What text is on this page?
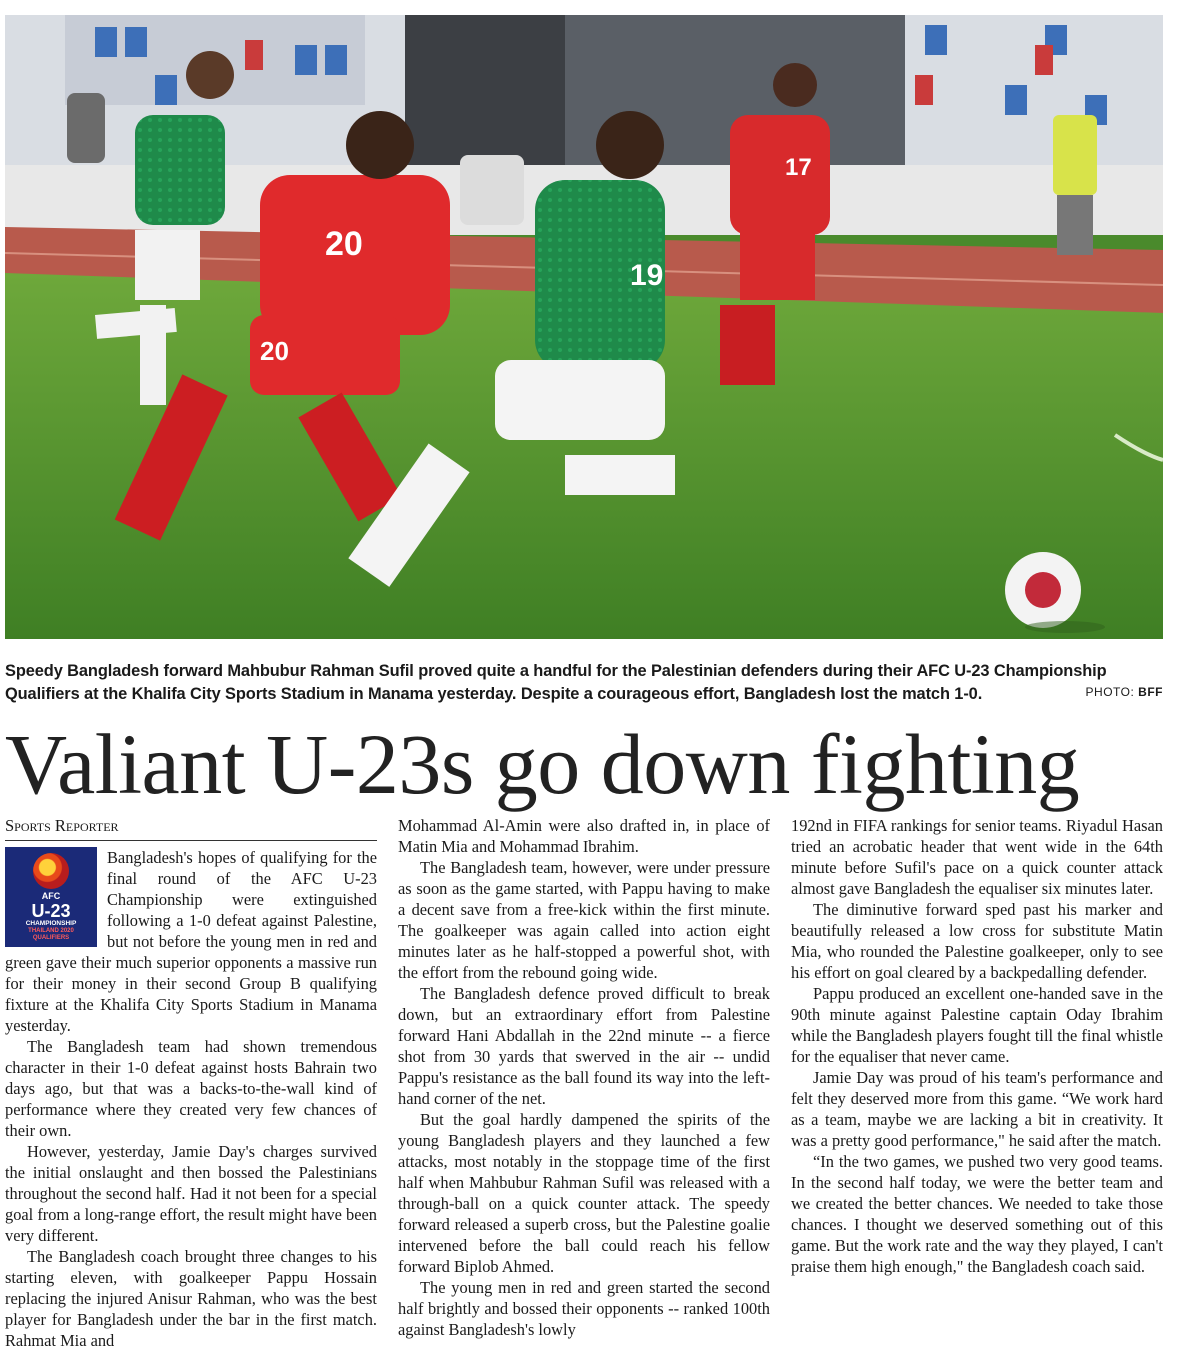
17
20
20
19
Speedy Bangladesh forward Mahbubur Rahman Sufil proved quite a handful for the Palestinian defenders during their AFC U-23 Championship Qualifiers at the Khalifa City Sports Stadium in Manama yesterday. Despite a courageous effort, Bangladesh lost the match 1-0.	PHOTO: BFF
Valiant U-23s go down fighting
Sports Reporter
AFC
U-23
CHAMPIONSHIP
THAILAND 2020
QUALIFIERS

Bangladesh's hopes of qualifying for the final round of the AFC U-23 Championship were extinguished following a 1-0 defeat against Palestine, but not before the young men in red and green gave their much superior opponents a massive run for their money in their second Group B qualifying fixture at the Khalifa City Sports Stadium in Manama yesterday.

The Bangladesh team had shown tremendous character in their 1-0 defeat against hosts Bahrain two days ago, but that was a backs-to-the-wall kind of performance where they created very few chances of their own.

However, yesterday, Jamie Day's charges survived the initial onslaught and then bossed the Palestinians throughout the second half. Had it not been for a special goal from a long-range effort, the result might have been very different.

The Bangladesh coach brought three changes to his starting eleven, with goalkeeper Pappu Hossain replacing the injured Anisur Rahman, who was the best player for Bangladesh under the bar in the first match. Rahmat Mia and

Mohammad Al-Amin were also drafted in, in place of Matin Mia and Mohammad Ibrahim.

The Bangladesh team, however, were under pressure as soon as the game started, with Pappu having to make a decent save from a free-kick within the first minute. The goalkeeper was again called into action eight minutes later as he half-stopped a powerful shot, with the effort from the rebound going wide.

The Bangladesh defence proved difficult to break down, but an extraordinary effort from Palestine forward Hani Abdallah in the 22nd minute -- a fierce shot from 30 yards that swerved in the air -- undid Pappu's resistance as the ball found its way into the left-hand corner of the net.

But the goal hardly dampened the spirits of the young Bangladesh players and they launched a few attacks, most notably in the stoppage time of the first half when Mahbubur Rahman Sufil was released with a through-ball on a quick counter attack. The speedy forward released a superb cross, but the Palestine goalie intervened before the ball could reach his fellow forward Biplob Ahmed.

The young men in red and green started the second half brightly and bossed their opponents -- ranked 100th against Bangladesh's lowly

192nd in FIFA rankings for senior teams. Riyadul Hasan tried an acrobatic header that went wide in the 64th minute before Sufil's pace on a quick counter attack almost gave Bangladesh the equaliser six minutes later.

The diminutive forward sped past his marker and beautifully released a low cross for substitute Matin Mia, who rounded the Palestine goalkeeper, only to see his effort on goal cleared by a backpedalling defender.

Pappu produced an excellent one-handed save in the 90th minute against Palestine captain Oday Ibrahim while the Bangladesh players fought till the final whistle for the equaliser that never came.

Jamie Day was proud of his team's performance and felt they deserved more from this game. “We work hard as a team, maybe we are lacking a bit in creativity. It was a pretty good performance," he said after the match.

“In the two games, we pushed two very good teams. In the second half today, we were the better team and we created the better chances. We needed to take those chances. I thought we deserved something out of this game. But the work rate and the way they played, I can't praise them high enough," the Bangladesh coach said.
